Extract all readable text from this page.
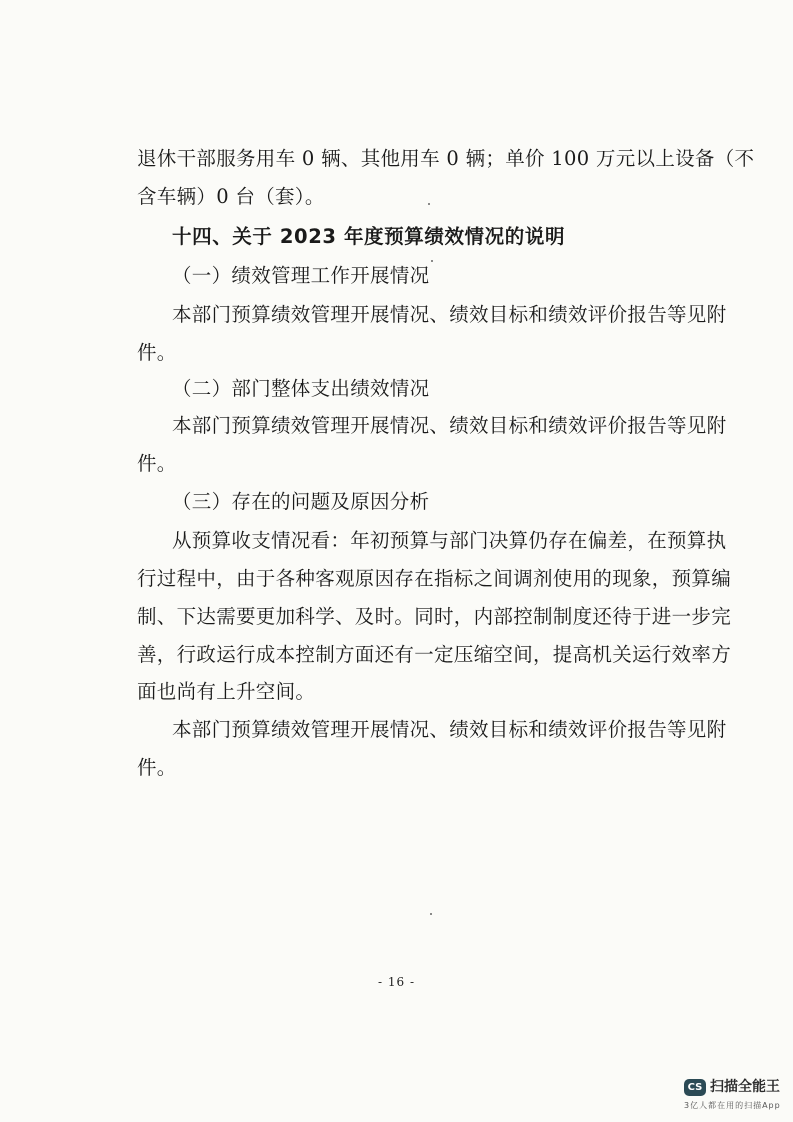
退休干部服务用车 0 辆、其他用车 0 辆；单价 100 万元以上设备（不
含车辆）0 台（套）。
十四、关于 2023 年度预算绩效情况的说明
（一）绩效管理工作开展情况
本部门预算绩效管理开展情况、绩效目标和绩效评价报告等见附
件。
（二）部门整体支出绩效情况
本部门预算绩效管理开展情况、绩效目标和绩效评价报告等见附
件。
（三）存在的问题及原因分析
从预算收支情况看：年初预算与部门决算仍存在偏差，在预算执
行过程中，由于各种客观原因存在指标之间调剂使用的现象，预算编
制、下达需要更加科学、及时。同时，内部控制制度还待于进一步完
善，行政运行成本控制方面还有一定压缩空间，提高机关运行效率方
面也尚有上升空间。
本部门预算绩效管理开展情况、绩效目标和绩效评价报告等见附
件。
- 16 -
CS 扫描全能王
3亿人都在用的扫描App
